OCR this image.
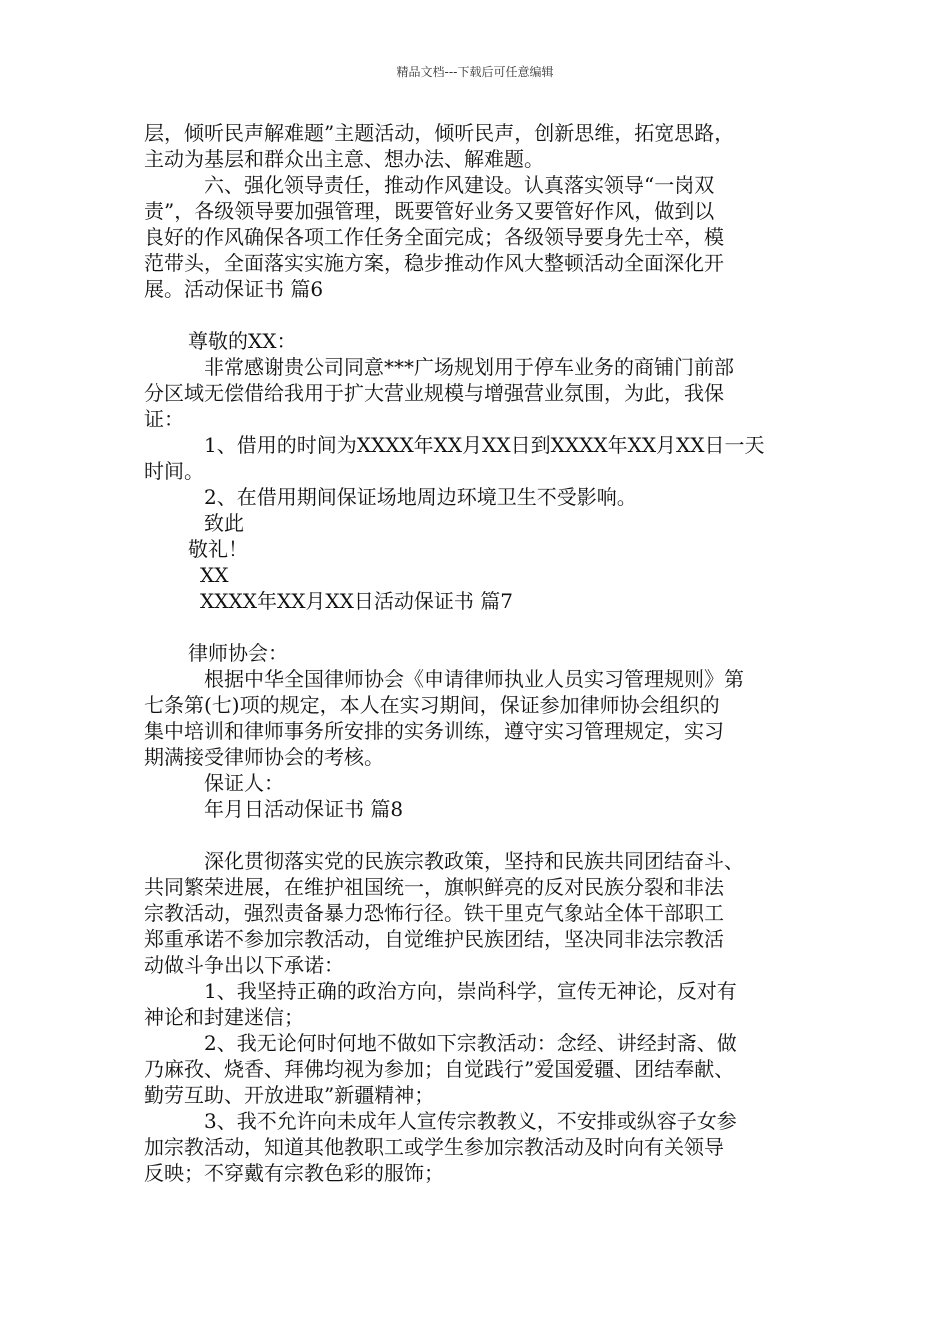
精品文档---下载后可任意编辑
层，倾听民声解难题”主题活动，倾听民声，创新思维，拓宽思路，
主动为基层和群众出主意、想办法、解难题。
六、强化领导责任，推动作风建设。认真落实领导“一岗双
责”，各级领导要加强管理，既要管好业务又要管好作风，做到以
良好的作风确保各项工作任务全面完成；各级领导要身先士卒，模
范带头，全面落实实施方案，稳步推动作风大整顿活动全面深化开
展。活动保证书 篇6
尊敬的XX：
非常感谢贵公司同意***广场规划用于停车业务的商铺门前部
分区域无偿借给我用于扩大营业规模与增强营业氛围，为此，我保
证：
1、借用的时间为XXXX年XX月XX日到XXXX年XX月XX日一天
时间。
2、在借用期间保证场地周边环境卫生不受影响。
致此
敬礼！
XX
XXXX年XX月XX日活动保证书 篇7
律师协会：
根据中华全国律师协会《申请律师执业人员实习管理规则》第
七条第(七)项的规定，本人在实习期间，保证参加律师协会组织的
集中培训和律师事务所安排的实务训练，遵守实习管理规定，实习
期满接受律师协会的考核。
保证人：
年月日活动保证书 篇8
深化贯彻落实党的民族宗教政策，坚持和民族共同团结奋斗、
共同繁荣进展，在维护祖国统一，旗帜鲜亮的反对民族分裂和非法
宗教活动，强烈责备暴力恐怖行径。铁干里克气象站全体干部职工
郑重承诺不参加宗教活动，自觉维护民族团结，坚决同非法宗教活
动做斗争出以下承诺：
1、我坚持正确的政治方向，崇尚科学，宣传无神论，反对有
神论和封建迷信；
2、我无论何时何地不做如下宗教活动：念经、讲经封斋、做
乃麻孜、烧香、拜佛均视为参加；自觉践行”爱国爱疆、团结奉献、
勤劳互助、开放进取”新疆精神；
3、我不允许向未成年人宣传宗教教义，不安排或纵容子女参
加宗教活动，知道其他教职工或学生参加宗教活动及时向有关领导
反映；不穿戴有宗教色彩的服饰；
